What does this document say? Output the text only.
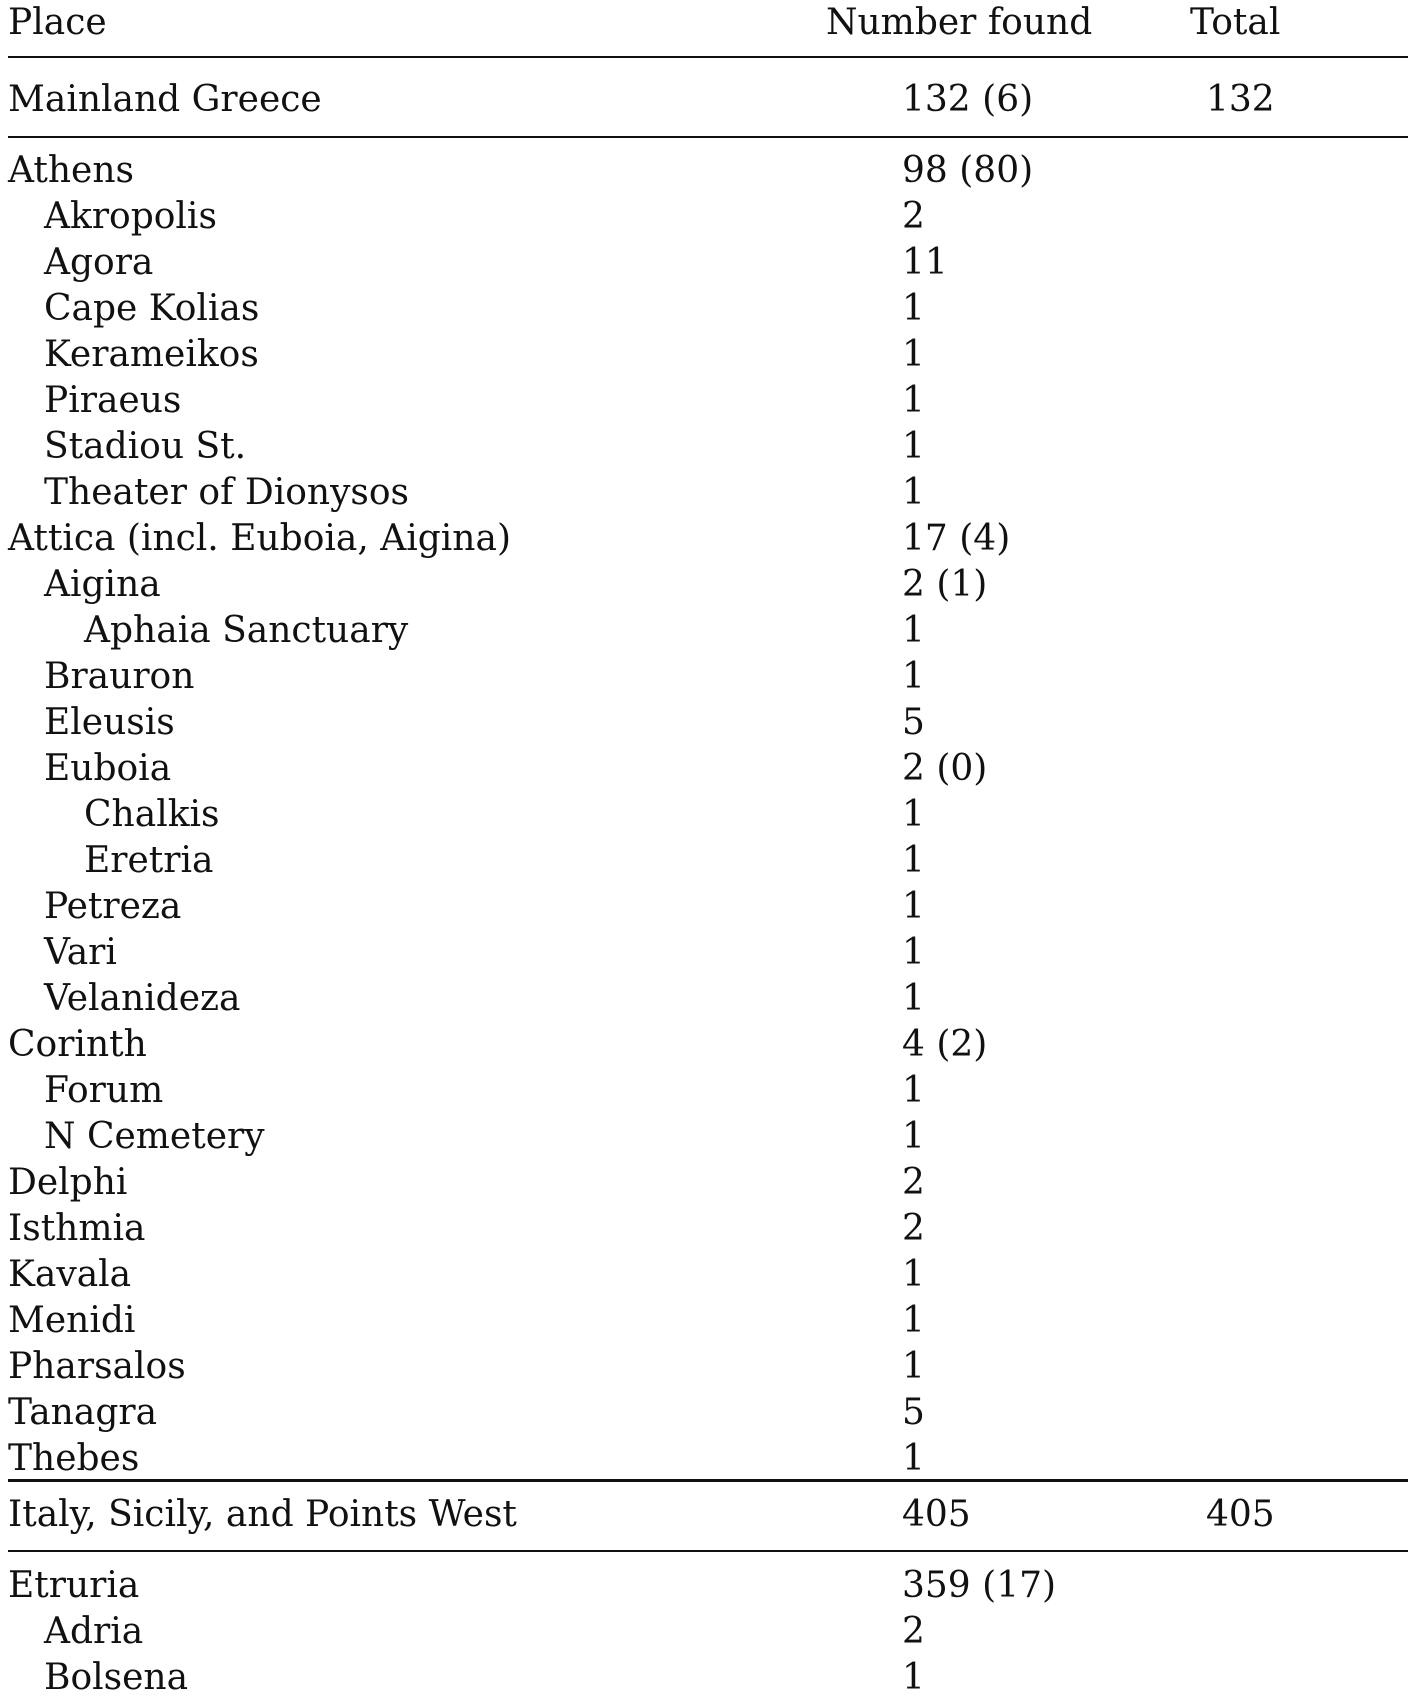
Place	Number found	Total
Mainland Greece	132 (6)	132
Athens	98 (80)
Akropolis	2
Agora	11
Cape Kolias	1
Kerameikos	1
Piraeus	1
Stadiou St.	1
Theater of Dionysos	1
Attica (incl. Euboia, Aigina)	17 (4)
Aigina	2 (1)
Aphaia Sanctuary	1
Brauron	1
Eleusis	5
Euboia	2 (0)
Chalkis	1
Eretria	1
Petreza	1
Vari	1
Velanideza	1
Corinth	4 (2)
Forum	1
N Cemetery	1
Delphi	2
Isthmia	2
Kavala	1
Menidi	1
Pharsalos	1
Tanagra	5
Thebes	1
Italy, Sicily, and Points West	405	405
Etruria	359 (17)
Adria	2
Bolsena	1
